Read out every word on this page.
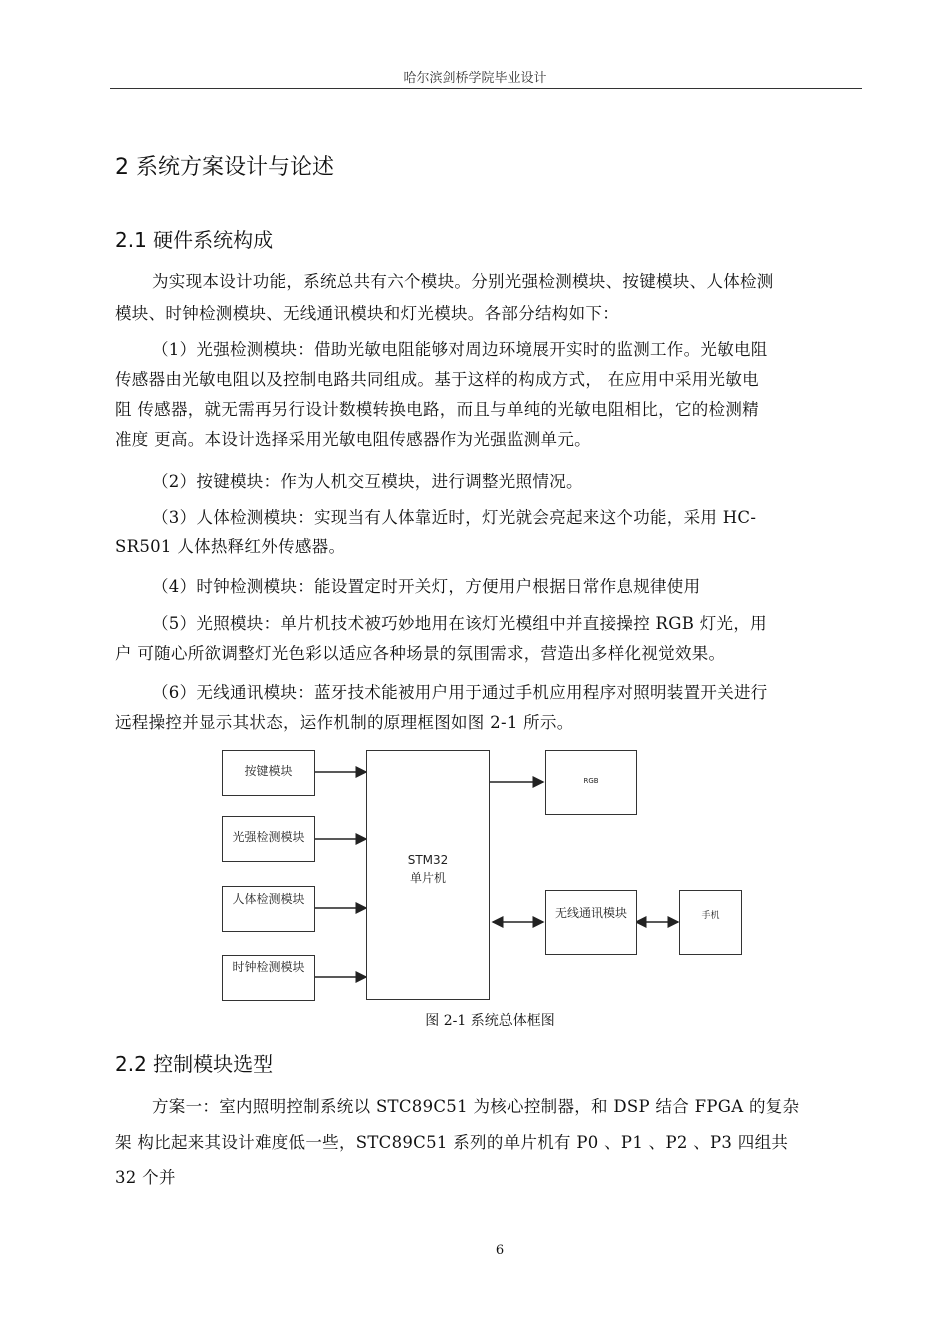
哈尔滨剑桥学院毕业设计
2 系统方案设计与论述
2.1 硬件系统构成
为实现本设计功能，系统总共有六个模块。分别光强检测模块、按键模块、人体检测
模块、时钟检测模块、无线通讯模块和灯光模块。各部分结构如下：
（1）光强检测模块：借助光敏电阻能够对周边环境展开实时的监测工作。光敏电阻
传感器由光敏电阻以及控制电路共同组成。基于这样的构成方式， 在应用中采用光敏电
阻 传感器，就无需再另行设计数模转换电路，而且与单纯的光敏电阻相比，它的检测精
准度 更高。本设计选择采用光敏电阻传感器作为光强监测单元。
（2）按键模块：作为人机交互模块，进行调整光照情况。
（3）人体检测模块：实现当有人体靠近时，灯光就会亮起来这个功能，采用 HC-
SR501 人体热释红外传感器。
（4）时钟检测模块：能设置定时开关灯，方便用户根据日常作息规律使用
（5）光照模块：单片机技术被巧妙地用在该灯光模组中并直接操控 RGB 灯光，用
户 可随心所欲调整灯光色彩以适应各种场景的氛围需求，营造出多样化视觉效果。
（6）无线通讯模块：蓝牙技术能被用户用于通过手机应用程序对照明装置开关进行
远程操控并显示其状态，运作机制的原理框图如图 2-1 所示。
按键模块
光强检测模块
人体检测模块
时钟检测模块
STM32
单片机
RGB
无线通讯模块	手机
图 2-1 系统总体框图
2.2 控制模块选型
方案一：室内照明控制系统以 STC89C51 为核心控制器，和 DSP 结合 FPGA 的复杂
架 构比起来其设计难度低一些，STC89C51 系列的单片机有 P0 、P1 、P2 、P3 四组共
32 个并
6
